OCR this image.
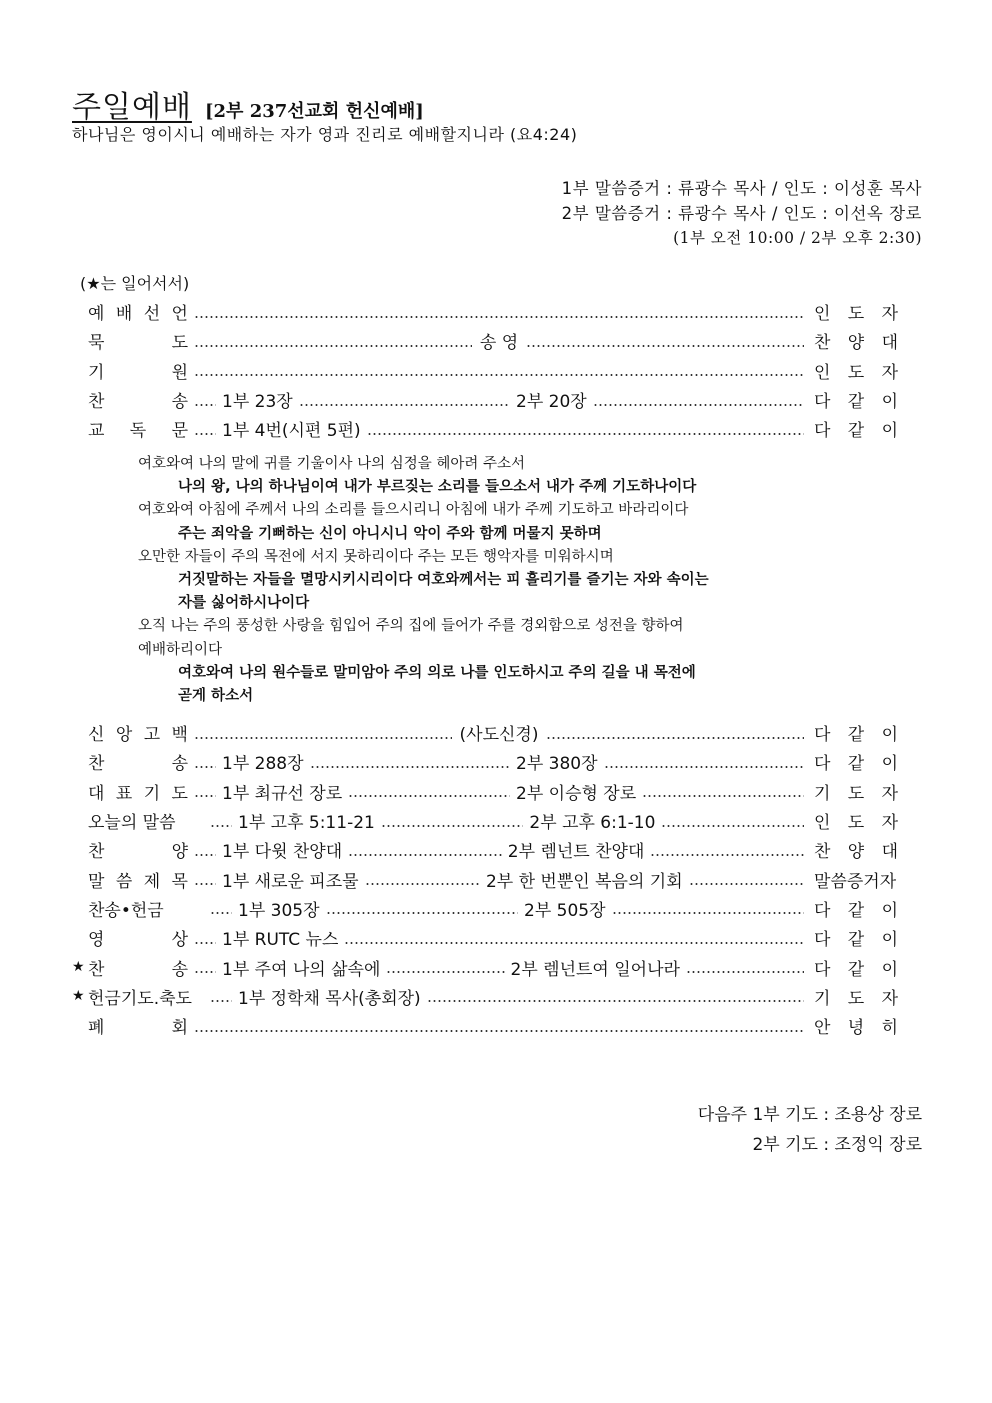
주일예배 [2부 237선교회 헌신예배]
하나님은 영이시니 예배하는 자가 영과 진리로 예배할지니라 (요4:24)
1부 말씀증거 : 류광수 목사 / 인도 : 이성훈 목사
2부 말씀증거 : 류광수 목사 / 인도 : 이선옥 장로
(1부 오전 10:00 / 2부 오후 2:30)
(★는 일어서서)
예 배 선 언	인 도 자
묵	도	송 영	찬 양 대
기	원	인 도 자
찬	송 1부 23장	2부 20장	다 같 이
교 독 문 1부 4번(시편 5편)	다 같 이
여호와여 나의 말에 귀를 기울이사 나의 심정을 헤아려 주소서
나의 왕, 나의 하나님이여 내가 부르짖는 소리를 들으소서 내가 주께 기도하나이다
여호와여 아침에 주께서 나의 소리를 들으시리니 아침에 내가 주께 기도하고 바라리이다
주는 죄악을 기뻐하는 신이 아니시니 악이 주와 함께 머물지 못하며
오만한 자들이 주의 목전에 서지 못하리이다 주는 모든 행악자를 미워하시며
거짓말하는 자들을 멸망시키시리이다 여호와께서는 피 흘리기를 즐기는 자와 속이는
자를 싫어하시나이다
오직 나는 주의 풍성한 사랑을 힘입어 주의 집에 들어가 주를 경외함으로 성전을 향하여
예배하리이다
여호와여 나의 원수들로 말미암아 주의 의로 나를 인도하시고 주의 길을 내 목전에
곧게 하소서
신 앙 고 백	(사도신경)	다 같 이
찬	송 1부 288장	2부 380장	다 같 이
대 표 기 도 1부 최규선 장로	2부 이승형 장로	기 도 자
오늘의 말씀	1부 고후 5:11-21	2부 고후 6:1-10	인 도 자
찬	양 1부 다윗 찬양대	2부 렘넌트 찬양대	찬 양 대
말 씀 제 목 1부 새로운 피조물	2부 한 번뿐인 복음의 기회	말씀증거자
찬송•헌금	1부 305장	2부 505장	다 같 이
영	상 1부 RUTC 뉴스	다 같 이
★ 찬	송 1부 주여 나의 삶속에	2부 렘넌트여 일어나라	다 같 이
★ 헌금기도.축도	1부 정학채 목사(총회장)	기 도 자
폐	회	안 녕 히
다음주 1부 기도 : 조용상 장로
2부 기도 : 조정익 장로
